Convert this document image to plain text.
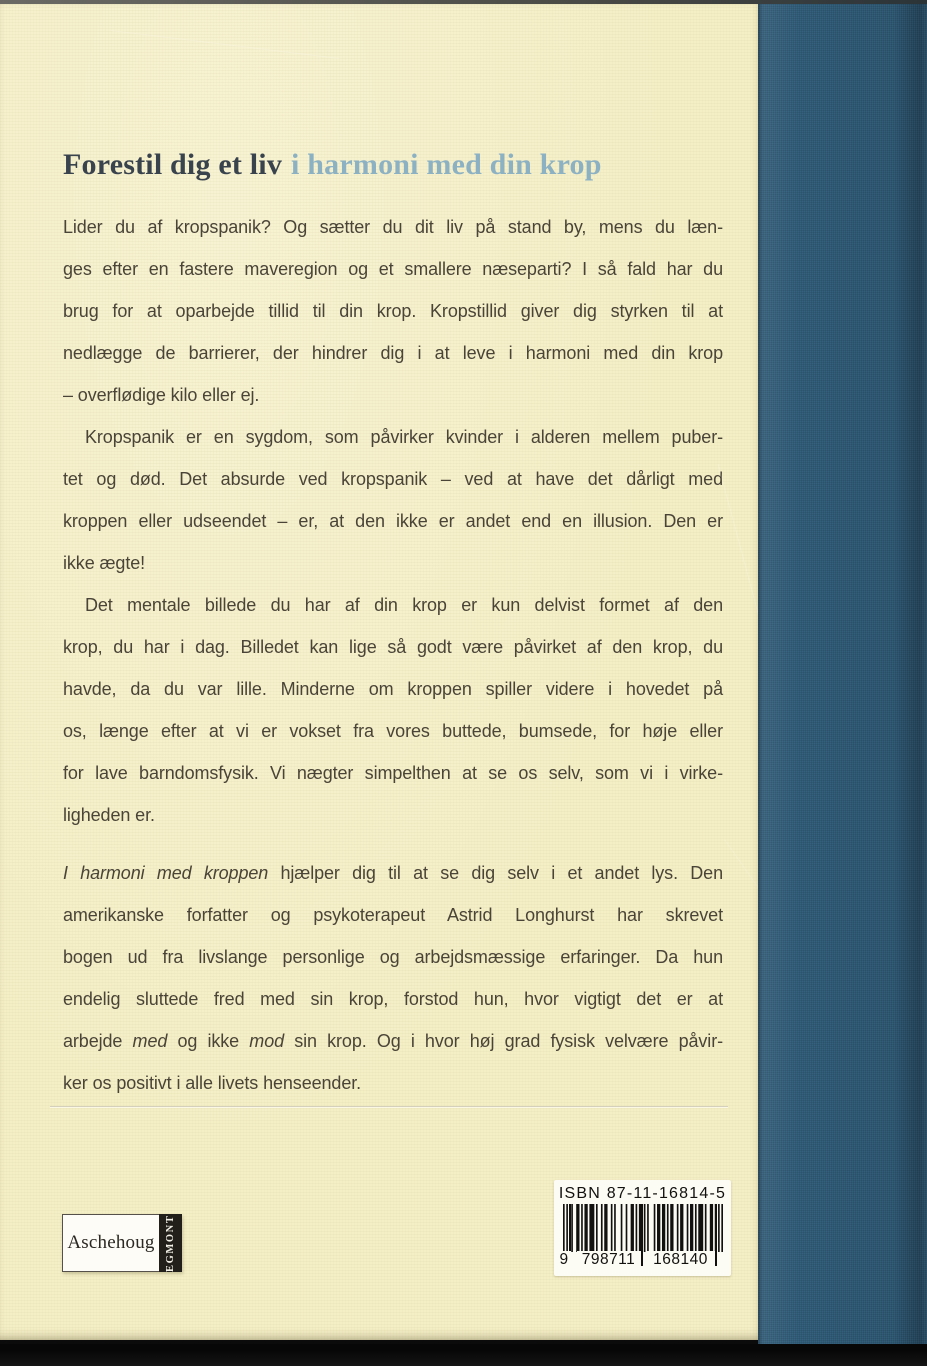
Forestil dig et liv i harmoni med din krop
Lider du af kropspanik? Og sætter du dit liv på stand by, mens du læn-
ges efter en fastere maveregion og et smallere næseparti? I så fald har du
brug for at oparbejde tillid til din krop. Kropstillid giver dig styrken til at
nedlægge de barrierer, der hindrer dig i at leve i harmoni med din krop
– overflødige kilo eller ej.
Kropspanik er en sygdom, som påvirker kvinder i alderen mellem puber-
tet og død. Det absurde ved kropspanik – ved at have det dårligt med
kroppen eller udseendet – er, at den ikke er andet end en illusion. Den er
ikke ægte!
Det mentale billede du har af din krop er kun delvist formet af den
krop, du har i dag. Billedet kan lige så godt være påvirket af den krop, du
havde, da du var lille. Minderne om kroppen spiller videre i hovedet på
os, længe efter at vi er vokset fra vores buttede, bumsede, for høje eller
for lave barndomsfysik. Vi nægter simpelthen at se os selv, som vi i virke-
ligheden er.
I harmoni med kroppen hjælper dig til at se dig selv i et andet lys. Den
amerikanske forfatter og psykoterapeut Astrid Longhurst har skrevet
bogen ud fra livslange personlige og arbejdsmæssige erfaringer. Da hun
endelig sluttede fred med sin krop, forstod hun, hvor vigtigt det er at
arbejde med og ikke mod sin krop. Og i hvor høj grad fysisk velvære påvir-
ker os positivt i alle livets henseender.
Aschehoug EGMONT
ISBN 87-11-16814-5
9 798711	168140
